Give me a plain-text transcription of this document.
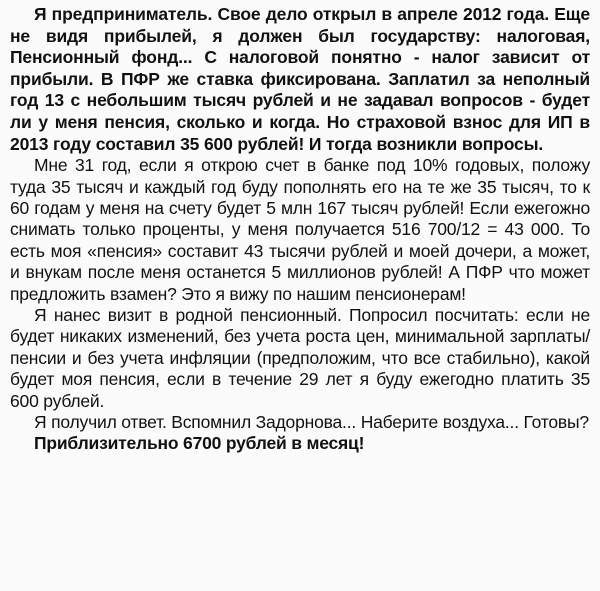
Я предприниматель. Свое дело открыл в апреле 2012 года. Еще не видя прибылей, я должен был государству: налоговая, Пенсионный фонд... С налоговой понятно - налог зависит от прибыли. В ПФР же ставка фиксирована. Заплатил за неполный год 13 с небольшим тысяч рублей и не задавал вопросов - будет ли у меня пенсия, сколько и когда. Но страховой взнос для ИП в 2013 году составил 35 600 рублей! И тогда возникли вопросы.

Мне 31 год, если я открою счет в банке под 10% годовых, положу туда 35 тысяч и каждый год буду пополнять его на те же 35 тысяч, то к 60 годам у меня на счету будет 5 млн 167 тысяч рублей! Если ежегожно снимать только проценты, у меня получается 516 700/12 = 43 000. То есть моя «пенсия» составит 43 тысячи рублей и моей дочери, а может, и внукам после меня останется 5 миллионов рублей! А ПФР что может предложить взамен? Это я вижу по нашим пенсионерам!

Я нанес визит в родной пенсионный. Попросил посчитать: если не будет никаких изменений, без учета роста цен, минимальной зарплаты/пенсии и без учета инфляции (предположим, что все стабильно), какой будет моя пенсия, если в течение 29 лет я буду ежегодно платить 35 600 рублей.

Я получил ответ. Вспомнил Задорнова... Наберите воздуха... Готовы?

Приблизительно 6700 рублей в месяц!
